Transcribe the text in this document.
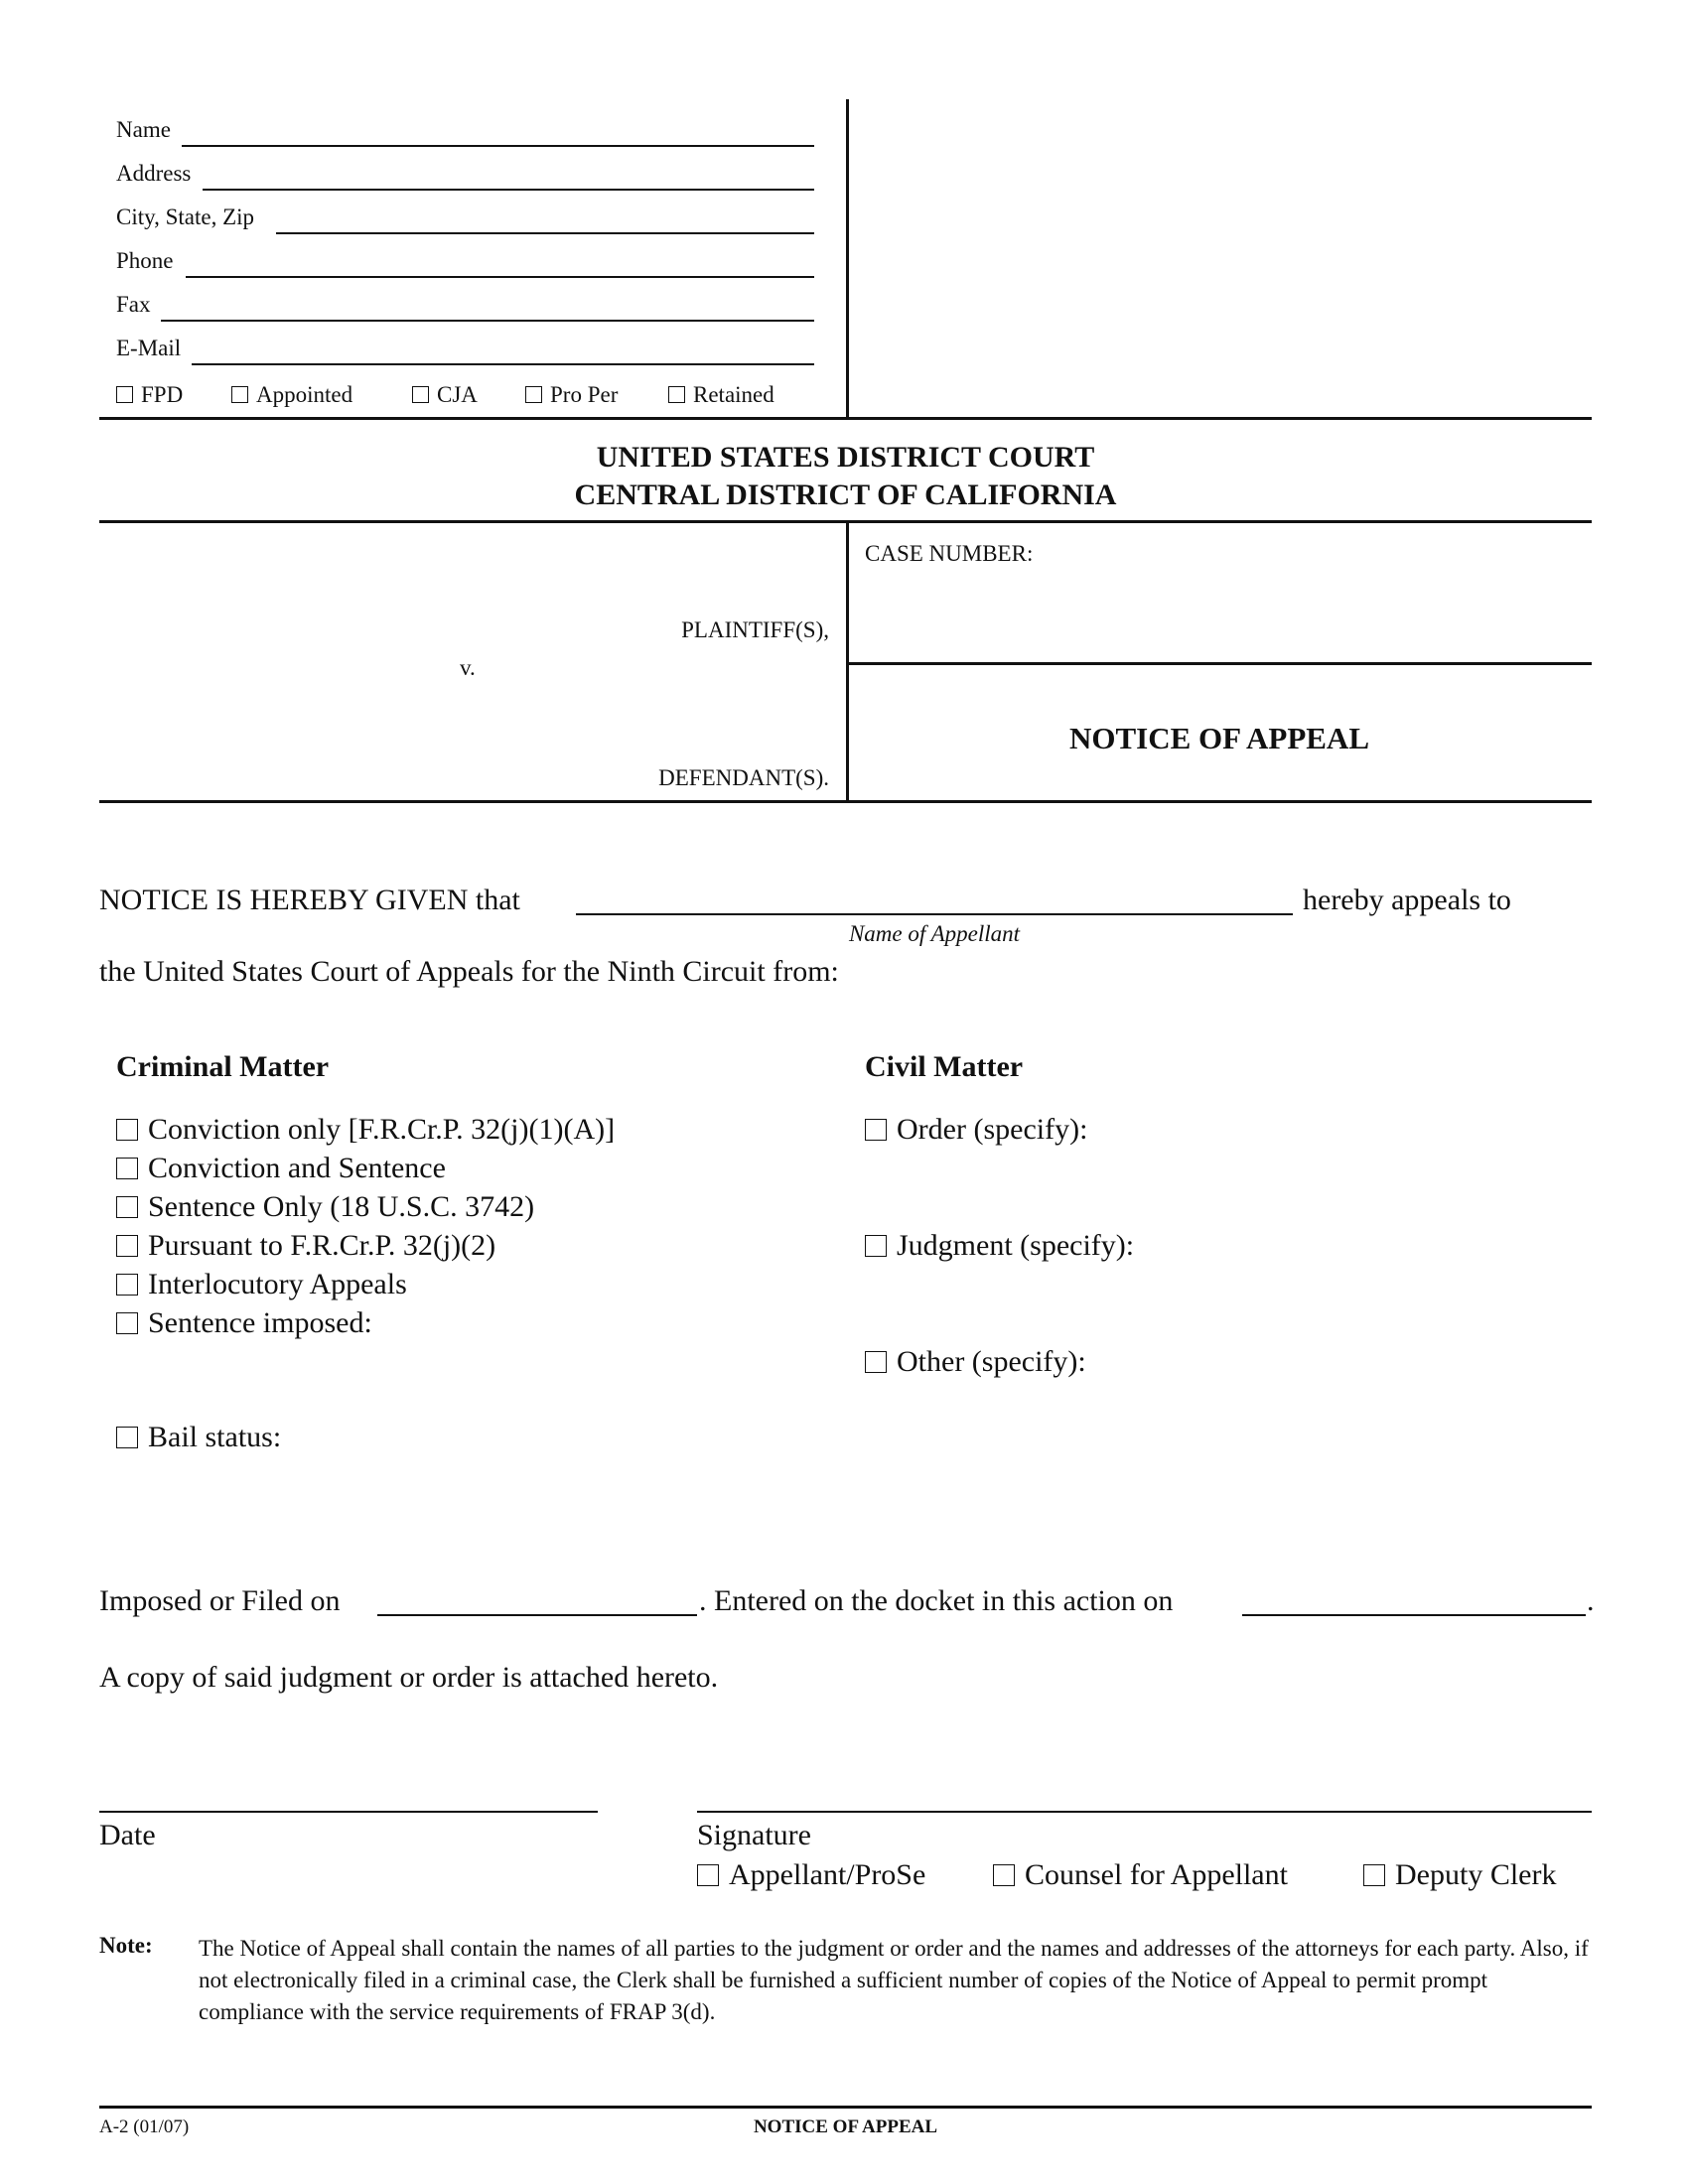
Name
Address
City, State, Zip
Phone
Fax
E-Mail
FPD	Appointed	CJA	Pro Per	Retained
UNITED STATES DISTRICT COURT
CENTRAL DISTRICT OF CALIFORNIA
PLAINTIFF(S),
v.
DEFENDANT(S).
CASE NUMBER:
NOTICE OF APPEAL
NOTICE IS HEREBY GIVEN that	hereby appeals to
Name of Appellant
the United States Court of Appeals for the Ninth Circuit from:
Criminal Matter
Conviction only [F.R.Cr.P. 32(j)(1)(A)]
Conviction and Sentence
Sentence Only (18 U.S.C. 3742)
Pursuant to F.R.Cr.P. 32(j)(2)
Interlocutory Appeals
Sentence imposed:
Bail status:
Civil Matter
Order (specify):
Judgment (specify):
Other (specify):
Imposed or Filed on	. Entered on the docket in this action on	.
A copy of said judgment or order is attached hereto.
Date	Signature
Appellant/ProSe	Counsel for Appellant	Deputy Clerk
Note: The Notice of Appeal shall contain the names of all parties to the judgment or order and the names and addresses of the attorneys for each party. Also, if not electronically filed in a criminal case, the Clerk shall be furnished a sufficient number of copies of the Notice of Appeal to permit prompt compliance with the service requirements of FRAP 3(d).
A-2 (01/07)	NOTICE OF APPEAL
